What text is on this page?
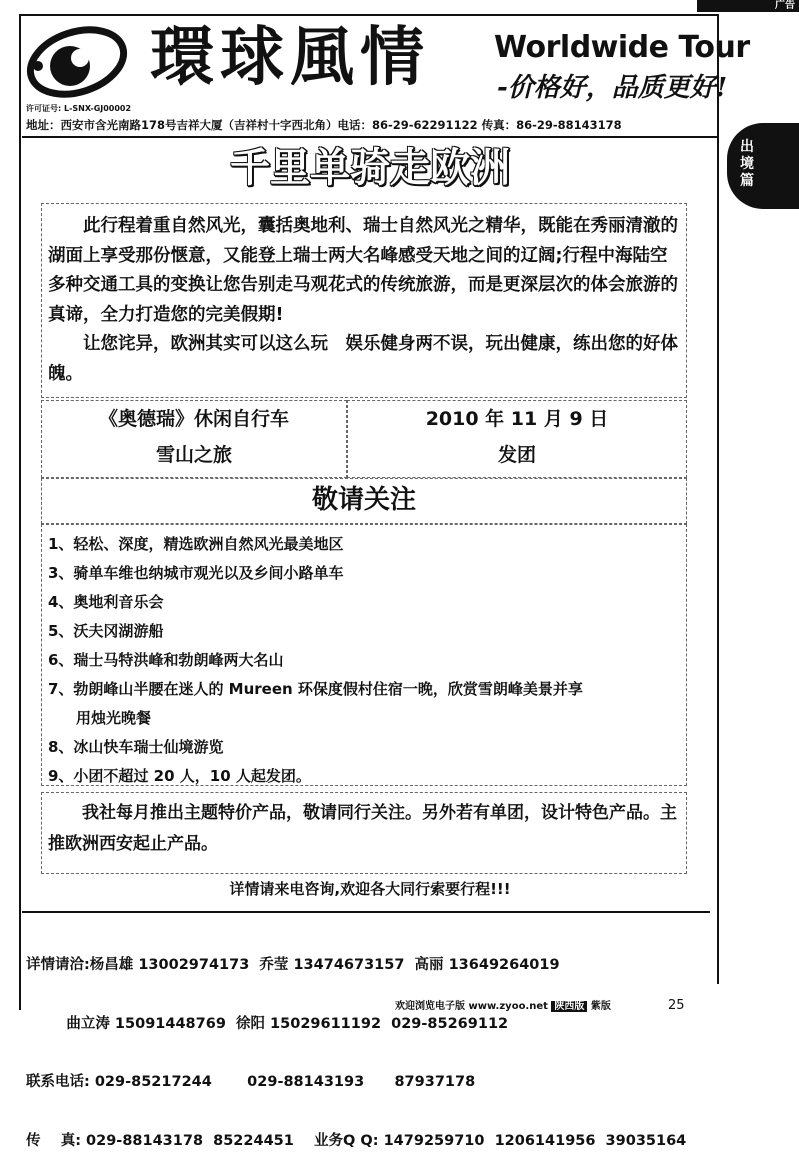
广告
環球風情 Worldwide Tour
-价格好，品质更好!
许可证号: L-SNX-GJ00002
地址：西安市含光南路178号吉祥大厦（吉祥村十字西北角）电话：86-29-62291122 传真：86-29-88143178
出境篇
千里单骑走欧洲

此行程着重自然风光，囊括奥地利、瑞士自然风光之精华，既能在秀丽清澈的湖面上享受那份惬意，又能登上瑞士两大名峰感受天地之间的辽阔;行程中海陆空多种交通工具的变换让您告别走马观花式的传统旅游，而是更深层次的体会旅游的真谛，全力打造您的完美假期!

让您诧异，欧洲其实可以这么玩　娱乐健身两不误，玩出健康，练出您的好体魄。

《奥德瑞》休闲自行车
雪山之旅
2010 年 11 月 9 日
发团
敬请关注
1、轻松、深度，精选欧洲自然风光最美地区
3、骑单车维也纳城市观光以及乡间小路单车
4、奥地利音乐会
5、沃夫冈湖游船
6、瑞士马特洪峰和勃朗峰两大名山
7、勃朗峰山半腰在迷人的 Mureen 环保度假村住宿一晚，欣赏雪朗峰美景并享
用烛光晚餐
8、冰山快车瑞士仙境游览
9、小团不超过 20 人，10 人起发团。
我社每月推出主题特价产品，敬请同行关注。另外若有单团，设计特色产品。主推欧洲西安起止产品。
详情请来电咨询,欢迎各大同行索要行程!!!

详情请洽:杨昌雄 13002974173  乔莹 13474673157  高丽 13649264019

曲立涛 15091448769  徐阳 15029611192  029-85269112

联系电话: 029-85217244       029-88143193      87937178

传    真: 029-88143178  85224451    业务Q Q: 1479259710  1206141956  39035164

欢迎浏览电子版 www.zyoo.net 陕西版 紫版	25
